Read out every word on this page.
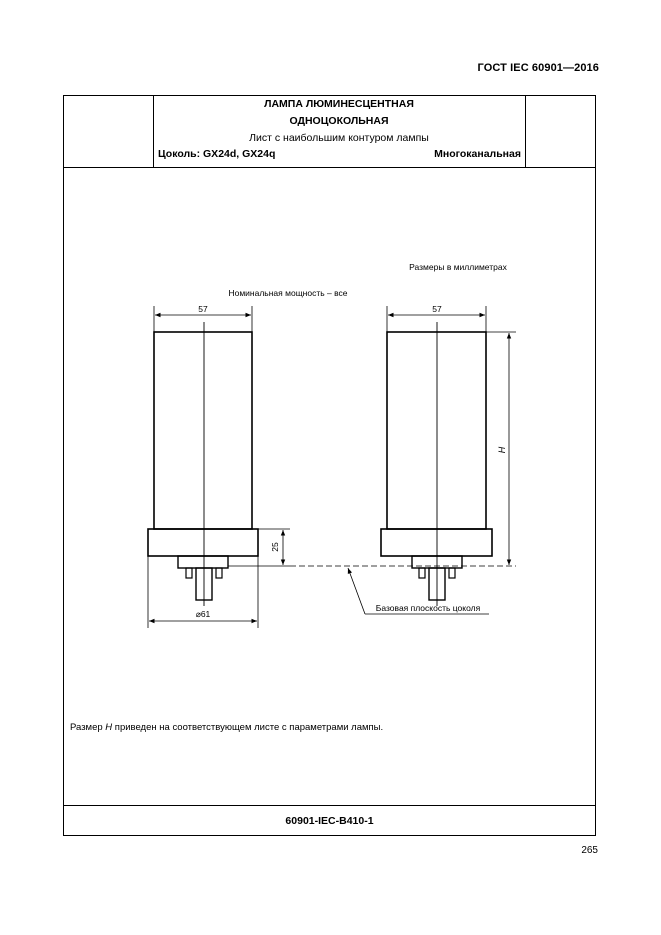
ГОСТ IEC 60901—2016
ЛАМПА ЛЮМИНЕСЦЕНТНАЯ
ОДНОЦОКОЛЬНАЯ
Лист с наибольшим контуром лампы
Цоколь: GX24d, GX24q	Многоканальная
Размеры в миллиметрах
Номинальная мощность – все
57
25
⌀61
57
H
Базовая плоскость цоколя
Размер H приведен на соответствующем листе с параметрами лампы.
60901-IEC-B410-1
265
